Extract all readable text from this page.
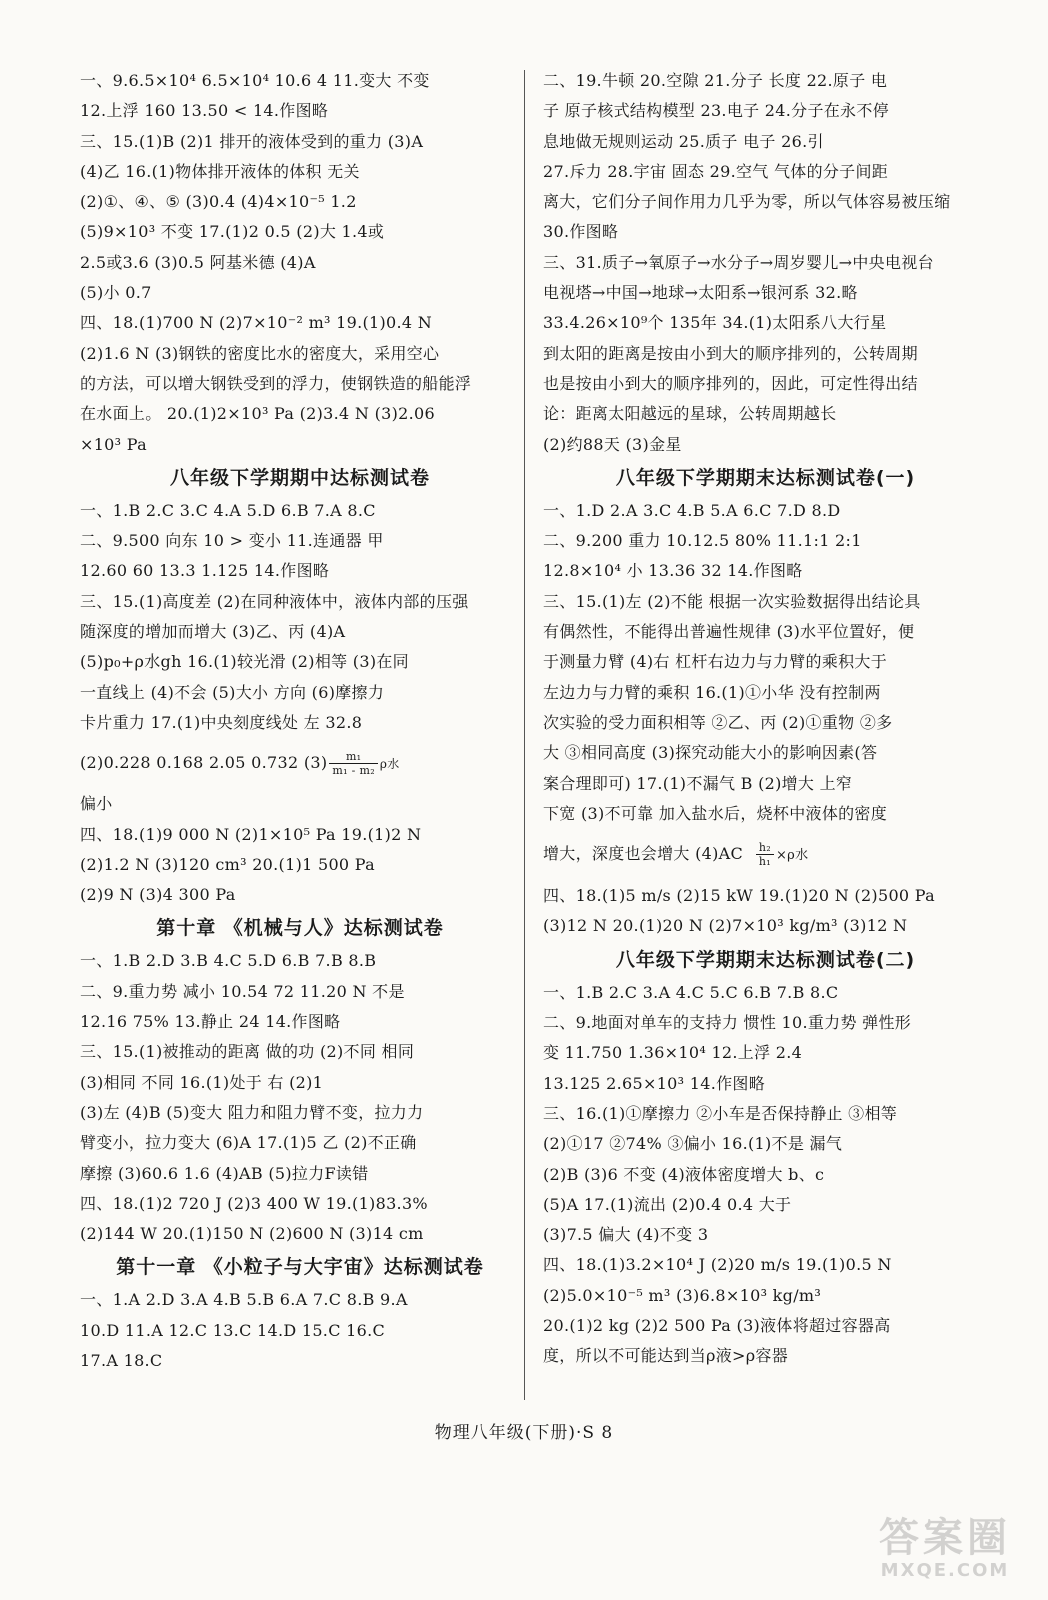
一、9.6.5×10⁴ 6.5×10⁴ 10.6 4 11.变大 不变
12.上浮 160 13.50 < 14.作图略
三、15.(1)B (2)1 排开的液体受到的重力 (3)A
(4)乙 16.(1)物体排开液体的体积 无关
(2)①、④、⑤ (3)0.4 (4)4×10⁻⁵ 1.2
(5)9×10³ 不变 17.(1)2 0.5 (2)大 1.4或
2.5或3.6 (3)0.5 阿基米德 (4)A
(5)小 0.7
四、18.(1)700 N (2)7×10⁻² m³ 19.(1)0.4 N
(2)1.6 N (3)钢铁的密度比水的密度大，采用空心
的方法，可以增大钢铁受到的浮力，使钢铁造的船能浮
在水面上。 20.(1)2×10³ Pa (2)3.4 N (3)2.06
×10³ Pa
八年级下学期期中达标测试卷
一、1.B 2.C 3.C 4.A 5.D 6.B 7.A 8.C
二、9.500 向东 10 > 变小 11.连通器 甲
12.60 60 13.3 1.125 14.作图略
三、15.(1)高度差 (2)在同种液体中，液体内部的压强
随深度的增加而增大 (3)乙、丙 (4)A
(5)p₀+ρ水gh 16.(1)较光滑 (2)相等 (3)在同
一直线上 (4)不会 (5)大小 方向 (6)摩擦力
卡片重力 17.(1)中央刻度线处 左 32.8
(2)0.228 0.168 2.05 0.732 $(3) \frac{\text{m₁}}{\text{m₁ - m₂}}$ ρ水
偏小
四、18.(1)9 000 N (2)1×10⁵ Pa 19.(1)2 N
(2)1.2 N (3)120 cm³ 20.(1)1 500 Pa
(2)9 N (3)4 300 Pa
第十章 《机械与人》达标测试卷
一、1.B 2.D 3.B 4.C 5.D 6.B 7.B 8.B
二、9.重力势 减小 10.54 72 11.20 N 不是
12.16 75% 13.静止 24 14.作图略
三、15.(1)被推动的距离 做的功 (2)不同 相同
(3)相同 不同 16.(1)处于 右 (2)1
(3)左 (4)B (5)变大 阻力和阻力臂不变，拉力力
臂变小，拉力变大 (6)A 17.(1)5 乙 (2)不正确
摩擦 (3)60.6 1.6 (4)AB (5)拉力F读错
四、18.(1)2 720 J (2)3 400 W 19.(1)83.3%
(2)144 W 20.(1)150 N (2)600 N (3)14 cm
第十一章 《小粒子与大宇宙》达标测试卷
一、1.A 2.D 3.A 4.B 5.B 6.A 7.C 8.B 9.A
10.D 11.A 12.C 13.C 14.D 15.C 16.C
17.A 18.C
二、19.牛顿 20.空隙 21.分子 长度 22.原子 电
子 原子核式结构模型 23.电子 24.分子在永不停
息地做无规则运动 25.质子 电子 26.引
27.斥力 28.宇宙 固态 29.空气 气体的分子间距
离大，它们分子间作用力几乎为零，所以气体容易被压缩
30.作图略
三、31.质子→氧原子→水分子→周岁婴儿→中央电视台
电视塔→中国→地球→太阳系→银河系 32.略
33.4.26×10⁹个 135年 34.(1)太阳系八大行星
到太阳的距离是按由小到大的顺序排列的，公转周期
也是按由小到大的顺序排列的，因此，可定性得出结
论：距离太阳越远的星球，公转周期越长
(2)约88天 (3)金星
八年级下学期期末达标测试卷(一)
一、1.D 2.A 3.C 4.B 5.A 6.C 7.D 8.D
二、9.200 重力 10.12.5 80% 11.1:1 2:1
12.8×10⁴ 小 13.36 32 14.作图略
三、15.(1)左 (2)不能 根据一次实验数据得出结论具
有偶然性，不能得出普遍性规律 (3)水平位置好，便
于测量力臂 (4)右 杠杆右边力与力臂的乘积大于
左边力与力臂的乘积 16.(1)①小华 没有控制两
次实验的受力面积相等 ②乙、丙 (2)①重物 ②多
大 ③相同高度 (3)探究动能大小的影响因素(答
案合理即可) 17.(1)不漏气 B (2)增大 上窄
下宽 (3)不可靠 加入盐水后，烧杯中液体的密度
增大，深度也会增大 $(4)AC \frac{\text{h₂}}{\text{h₁}} \times\rho$水
四、18.(1)5 m/s (2)15 kW 19.(1)20 N (2)500 Pa
(3)12 N 20.(1)20 N (2)7×10³ kg/m³ (3)12 N
八年级下学期期末达标测试卷(二)
一、1.B 2.C 3.A 4.C 5.C 6.B 7.B 8.C
二、9.地面对单车的支持力 惯性 10.重力势 弹性形
变 11.750 1.36×10⁴ 12.上浮 2.4
13.125 2.65×10³ 14.作图略
三、16.(1)①摩擦力 ②小车是否保持静止 ③相等
(2)①17 ②74% ③偏小 16.(1)不是 漏气
(2)B (3)6 不变 (4)液体密度增大 b、c
(5)A 17.(1)流出 (2)0.4 0.4 大于
(3)7.5 偏大 (4)不变 3
四、18.(1)3.2×10⁴ J (2)20 m/s 19.(1)0.5 N
(2)5.0×10⁻⁵ m³ (3)6.8×10³ kg/m³
20.(1)2 kg (2)2 500 Pa (3)液体将超过容器高
度，所以不可能达到当ρ液>ρ容器
物理八年级(下册)·S 8
答案圈
MXQE.COM
